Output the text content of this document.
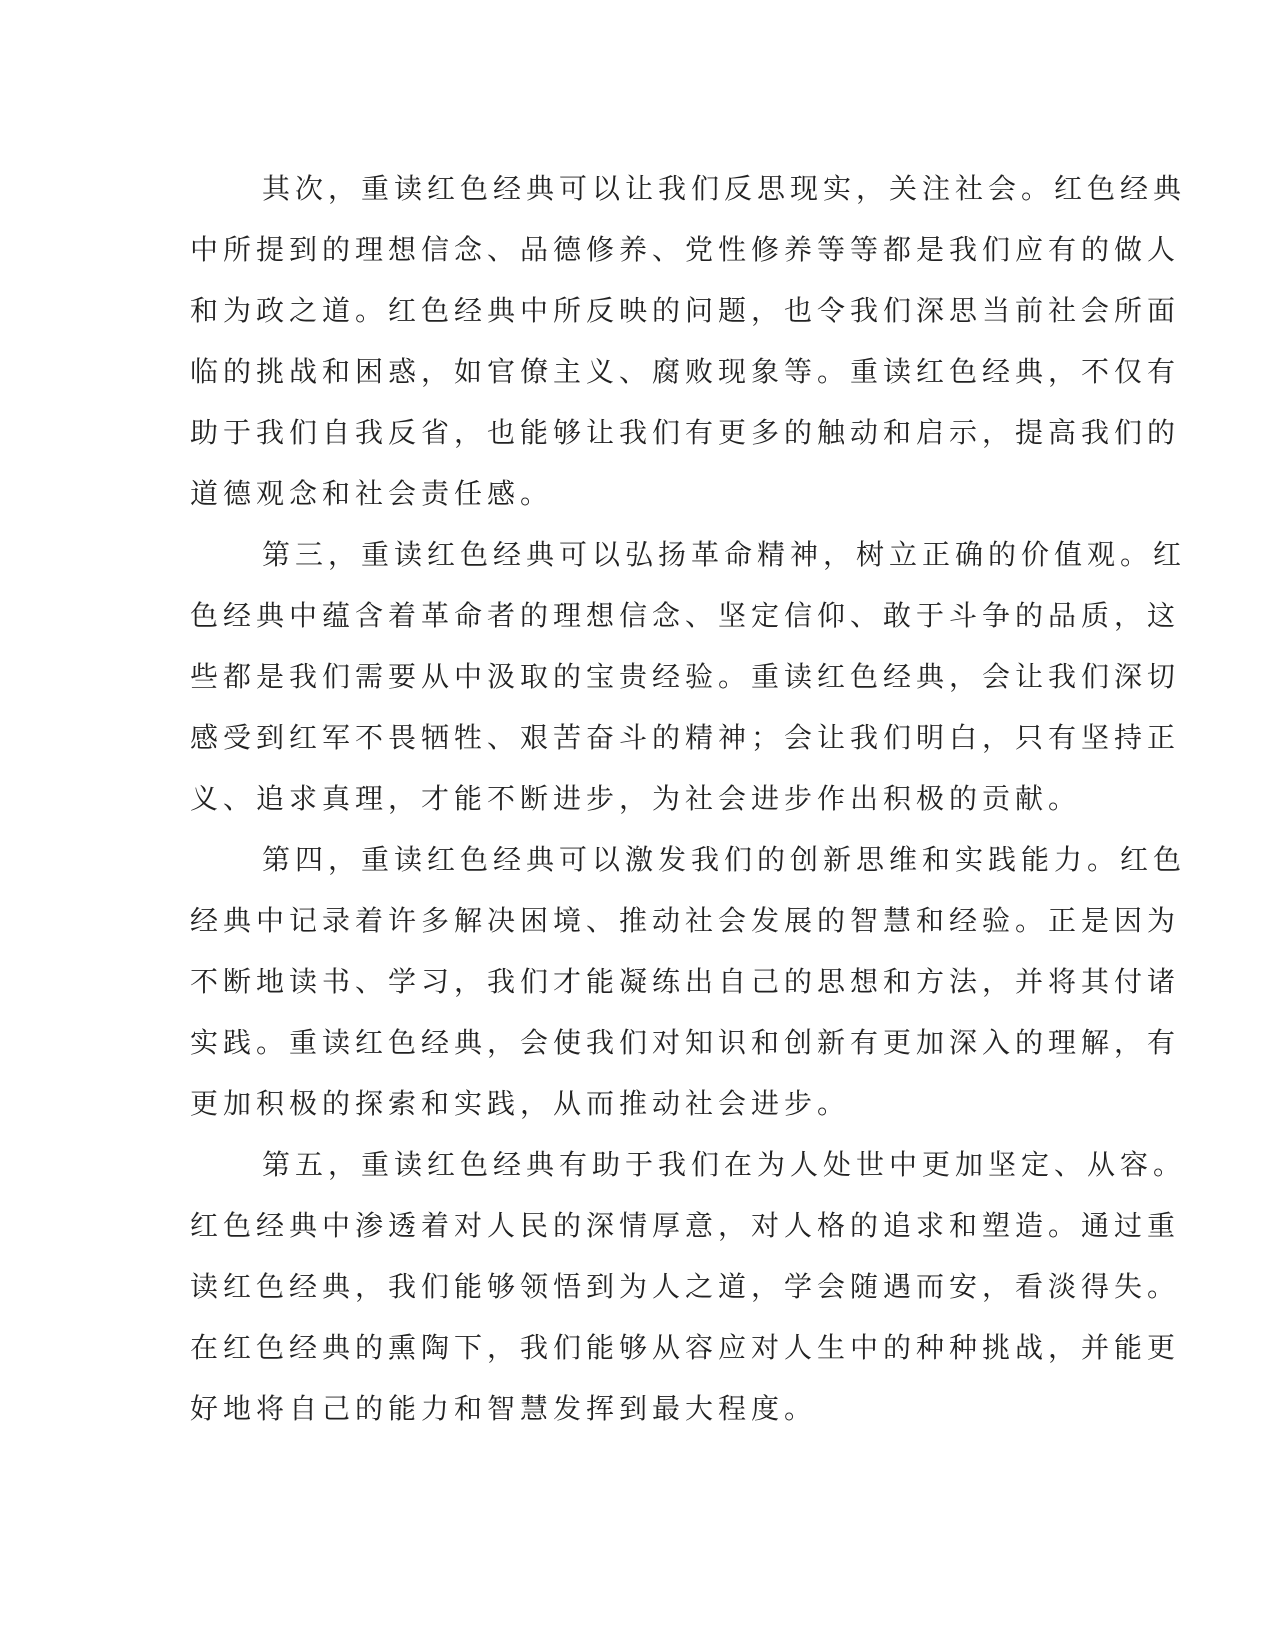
其次，重读红色经典可以让我们反思现实，关注社会。红色经典
中所提到的理想信念、品德修养、党性修养等等都是我们应有的做人
和为政之道。红色经典中所反映的问题，也令我们深思当前社会所面
临的挑战和困惑，如官僚主义、腐败现象等。重读红色经典，不仅有
助于我们自我反省，也能够让我们有更多的触动和启示，提高我们的
道德观念和社会责任感。
第三，重读红色经典可以弘扬革命精神，树立正确的价值观。红
色经典中蕴含着革命者的理想信念、坚定信仰、敢于斗争的品质，这
些都是我们需要从中汲取的宝贵经验。重读红色经典，会让我们深切
感受到红军不畏牺牲、艰苦奋斗的精神；会让我们明白，只有坚持正
义、追求真理，才能不断进步，为社会进步作出积极的贡献。
第四，重读红色经典可以激发我们的创新思维和实践能力。红色
经典中记录着许多解决困境、推动社会发展的智慧和经验。正是因为
不断地读书、学习，我们才能凝练出自己的思想和方法，并将其付诸
实践。重读红色经典，会使我们对知识和创新有更加深入的理解，有
更加积极的探索和实践，从而推动社会进步。
第五，重读红色经典有助于我们在为人处世中更加坚定、从容。
红色经典中渗透着对人民的深情厚意，对人格的追求和塑造。通过重
读红色经典，我们能够领悟到为人之道，学会随遇而安，看淡得失。
在红色经典的熏陶下，我们能够从容应对人生中的种种挑战，并能更
好地将自己的能力和智慧发挥到最大程度。
